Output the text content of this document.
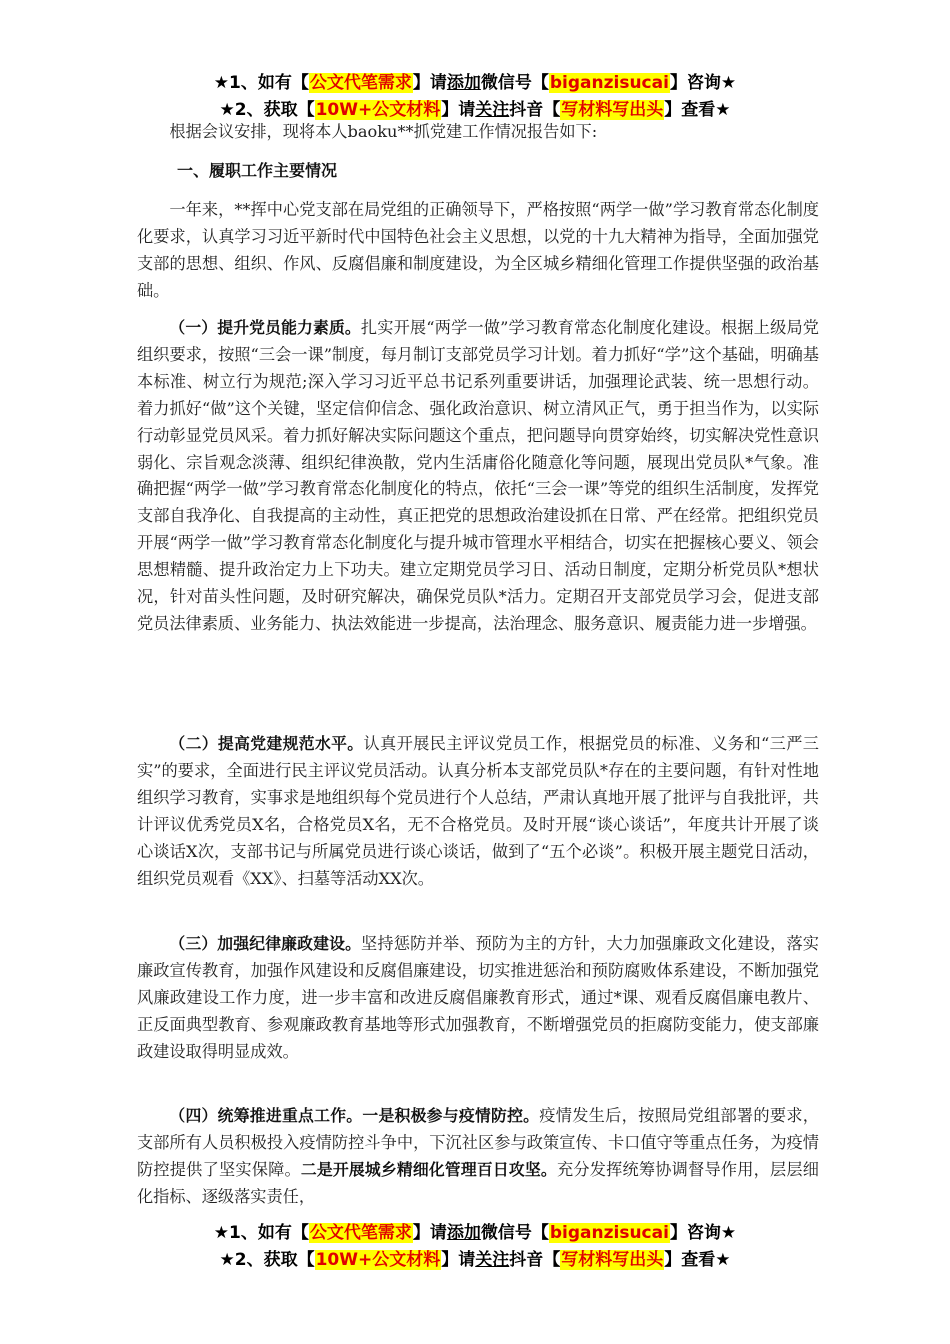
★1、如有【公文代笔需求】请添加微信号【biganzisucai】咨询★
★2、获取【10W+公文材料】请关注抖音【写材料写出头】查看★

根据会议安排，现将本人baoku**抓党建工作情况报告如下:

一、履职工作主要情况

一年来，**挥中心党支部在局党组的正确领导下，严格按照“两学一做”学习教育常态化制度化要求，认真学习习近平新时代中国特色社会主义思想，以党的十九大精神为指导，全面加强党支部的思想、组织、作风、反腐倡廉和制度建设，为全区城乡精细化管理工作提供坚强的政治基础。

（一）提升党员能力素质。扎实开展“两学一做”学习教育常态化制度化建设。根据上级局党组织要求，按照“三会一课”制度，每月制订支部党员学习计划。着力抓好“学”这个基础，明确基本标准、树立行为规范;深入学习习近平总书记系列重要讲话，加强理论武装、统一思想行动。着力抓好“做”这个关键，坚定信仰信念、强化政治意识、树立清风正气，勇于担当作为，以实际行动彰显党员风采。着力抓好解决实际问题这个重点，把问题导向贯穿始终，切实解决党性意识弱化、宗旨观念淡薄、组织纪律涣散，党内生活庸俗化随意化等问题，展现出党员队*气象。准确把握“两学一做”学习教育常态化制度化的特点，依托“三会一课”等党的组织生活制度，发挥党支部自我净化、自我提高的主动性，真正把党的思想政治建设抓在日常、严在经常。把组织党员开展“两学一做”学习教育常态化制度化与提升城市管理水平相结合，切实在把握核心要义、领会思想精髓、提升政治定力上下功夫。建立定期党员学习日、活动日制度，定期分析党员队*想状况，针对苗头性问题，及时研究解决，确保党员队*活力。定期召开支部党员学习会，促进支部党员法律素质、业务能力、执法效能进一步提高，法治理念、服务意识、履责能力进一步增强。

（二）提高党建规范水平。认真开展民主评议党员工作，根据党员的标准、义务和“三严三实”的要求，全面进行民主评议党员活动。认真分析本支部党员队*存在的主要问题，有针对性地组织学习教育，实事求是地组织每个党员进行个人总结，严肃认真地开展了批评与自我批评，共计评议优秀党员X名，合格党员X名，无不合格党员。及时开展“谈心谈话”，年度共计开展了谈心谈话X次，支部书记与所属党员进行谈心谈话，做到了“五个必谈”。积极开展主题党日活动，组织党员观看《XX》、扫墓等活动XX次。

（三）加强纪律廉政建设。坚持惩防并举、预防为主的方针，大力加强廉政文化建设，落实廉政宣传教育，加强作风建设和反腐倡廉建设，切实推进惩治和预防腐败体系建设，不断加强党风廉政建设工作力度，进一步丰富和改进反腐倡廉教育形式，通过*课、观看反腐倡廉电教片、正反面典型教育、参观廉政教育基地等形式加强教育，不断增强党员的拒腐防变能力，使支部廉政建设取得明显成效。

（四）统筹推进重点工作。一是积极参与疫情防控。疫情发生后，按照局党组部署的要求，支部所有人员积极投入疫情防控斗争中，下沉社区参与政策宣传、卡口值守等重点任务，为疫情防控提供了坚实保障。二是开展城乡精细化管理百日攻坚。充分发挥统筹协调督导作用，层层细化指标、逐级落实责任，

★1、如有【公文代笔需求】请添加微信号【biganzisucai】咨询★
★2、获取【10W+公文材料】请关注抖音【写材料写出头】查看★
